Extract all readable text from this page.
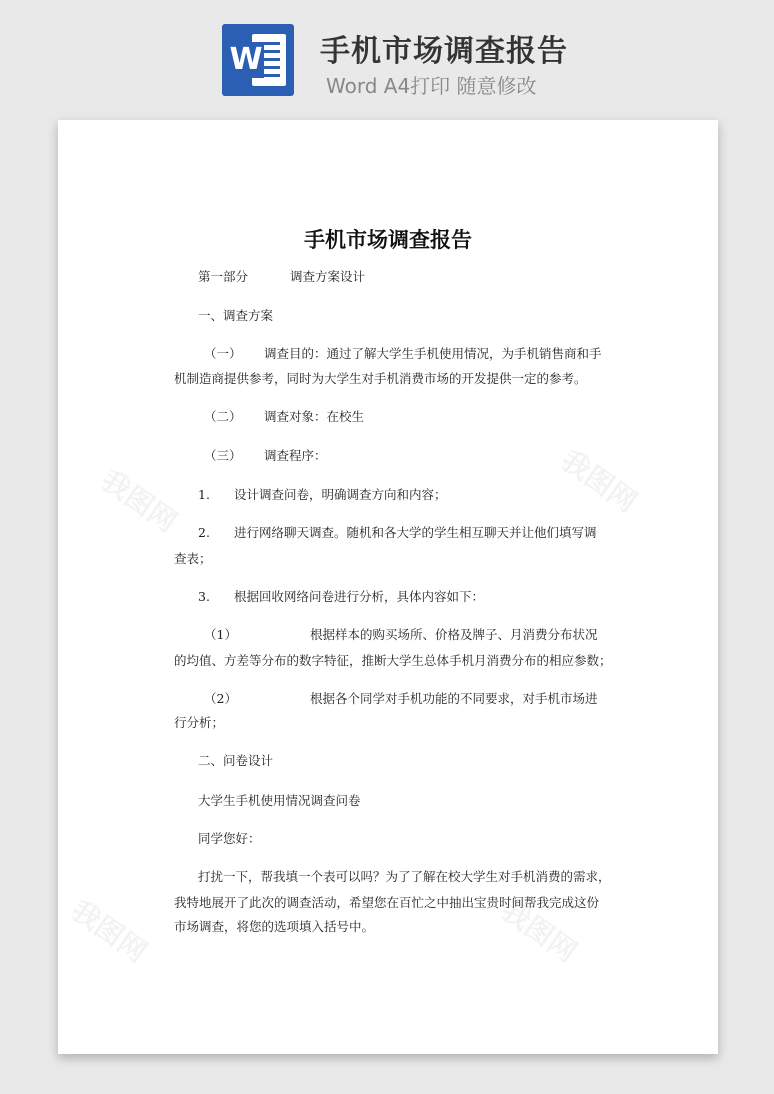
W 手机市场调查报告
Word A4打印 随意修改
我图网	我图网
我图网	我图网
手机市场调查报告
第一部分	调查方案设计
一、调查方案
（一） 调查目的：通过了解大学生手机使用情况，为手机销售商和手
机制造商提供参考，同时为大学生对手机消费市场的开发提供一定的参考。
（二） 调查对象：在校生
（三） 调查程序：
1. 设计调查问卷，明确调查方向和内容；
2. 进行网络聊天调查。随机和各大学的学生相互聊天并让他们填写调
查表；
3. 根据回收网络问卷进行分析，具体内容如下：
（1）	根据样本的购买场所、价格及牌子、月消费分布状况
的均值、方差等分布的数字特征，推断大学生总体手机月消费分布的相应参数；
（2）	根据各个同学对手机功能的不同要求，对手机市场进
行分析；
二、问卷设计
大学生手机使用情况调查问卷
同学您好：
打扰一下，帮我填一个表可以吗？为了了解在校大学生对手机消费的需求，
我特地展开了此次的调查活动，希望您在百忙之中抽出宝贵时间帮我完成这份
市场调查，将您的选项填入括号中。
